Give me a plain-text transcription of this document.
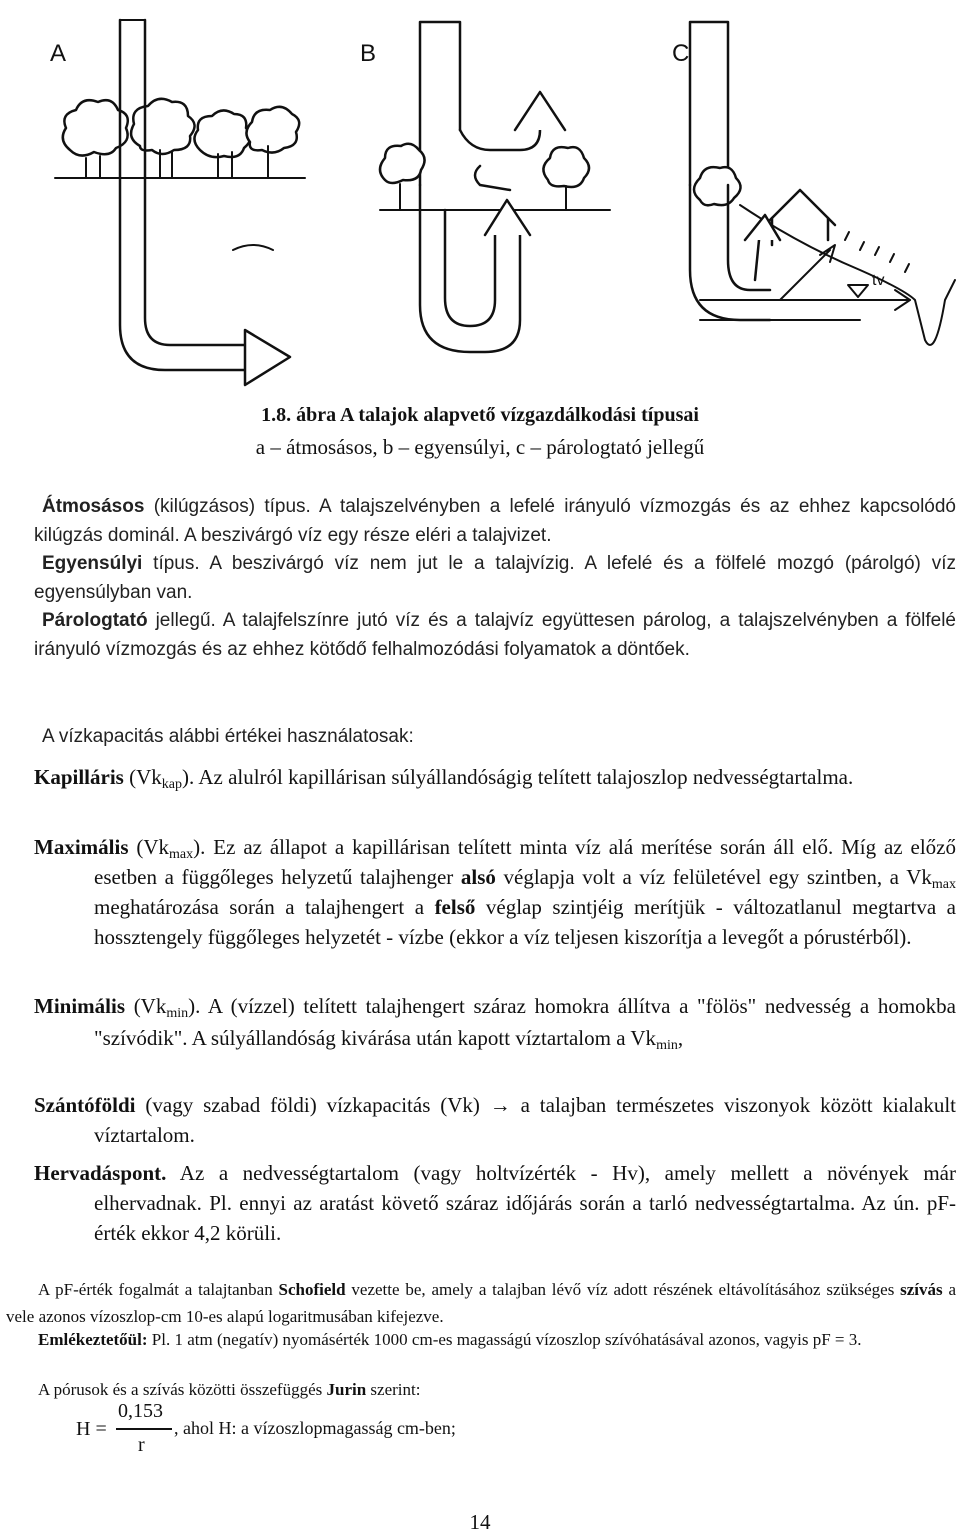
A	B	C
tv
1.8. ábra A talajok alapvető vízgazdálkodási típusai
a – átmosásos, b – egyensúlyi, c – párologtató jellegű
Átmosásos (kilúgzásos) típus. A talajszelvényben a lefelé irányuló vízmozgás és az ehhez kapcsolódó kilúgzás dominál. A beszivárgó víz egy része eléri a talajvizet.
Egyensúlyi típus. A beszivárgó víz nem jut le a talajvízig. A lefelé és a fölfelé mozgó (párolgó) víz egyensúlyban van.
Párologtató jellegű. A talajfelszínre jutó víz és a talajvíz együttesen párolog, a talajszelvényben a fölfelé irányuló vízmozgás és az ehhez kötődő felhalmozódási folyamatok a döntőek.
A vízkapacitás alábbi értékei használatosak:
Kapilláris $(Vk_{kap})$. Az alulról kapillárisan súlyállandóságig telített talajoszlop nedvességtartalma.
Maximális $(Vk_{max})$. Ez az állapot a kapillárisan telített minta víz alá merítése során áll elő. Míg az előző esetben a függőleges helyzetű talajhenger alsó véglapja volt a víz felületével egy szintben, a $Vk_{max}$ meghatározása során a talajhengert a felső véglap szintjéig merítjük - változatlanul megtartva a hossztengely függőleges helyzetét - vízbe (ekkor a víz teljesen kiszorítja a levegőt a pórustérből).
Minimális $(Vk_{min})$. A (vízzel) telített talajhengert száraz homokra állítva a "fölös" nedvesség a homokba "szívódik". A súlyállandóság kivárása után kapott víztartalom a $Vk_{min}$,
Szántóföldi (vagy szabad földi) vízkapacitás (Vk) → a talajban természetes viszonyok között kialakult víztartalom.
Hervadáspont. Az a nedvességtartalom (vagy holtvízérték - Hv), amely mellett a növények már elhervadnak. Pl. ennyi az aratást követő száraz időjárás során a tarló nedvességtartalma. Az ún. pF-érték ekkor 4,2 körüli.
A pF-érték fogalmát a talajtanban Schofield vezette be, amely a talajban lévő víz adott részének eltávolításához szükséges szívás a vele azonos vízoszlop-cm 10-es alapú logaritmusában kifejezve.
Emlékeztetőül: Pl. 1 atm (negatív) nyomásérték 1000 cm-es magasságú vízoszlop szívóhatásával azonos, vagyis pF = 3.
A pórusok és a szívás közötti összefüggés Jurin szerint:
H =
0,153
r
, ahol H: a vízoszlopmagasság cm-ben;
14
